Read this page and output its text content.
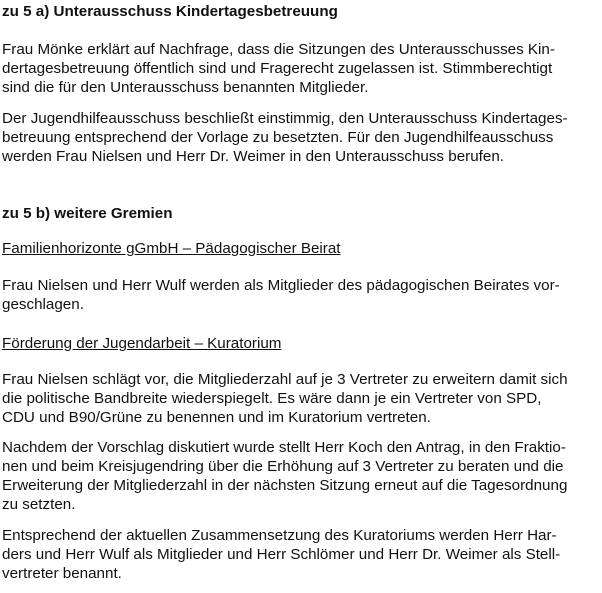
zu 5 a) Unterausschuss Kindertagesbetreuung
Frau Mönke erklärt auf Nachfrage, dass die Sitzungen des Unterausschusses Kin-
dertagesbetreuung öffentlich sind und Fragerecht zugelassen ist. Stimmberechtigt
sind die für den Unterausschuss benannten Mitglieder.
Der Jugendhilfeausschuss beschließt einstimmig, den Unterausschuss Kindertages-
betreuung entsprechend der Vorlage zu besetzten. Für den Jugendhilfeausschuss
werden Frau Nielsen und Herr Dr. Weimer in den Unterausschuss berufen.
zu 5 b) weitere Gremien
Familienhorizonte gGmbH – Pädagogischer Beirat
Frau Nielsen und Herr Wulf werden als Mitglieder des pädagogischen Beirates vor-
geschlagen.
Förderung der Jugendarbeit – Kuratorium
Frau Nielsen schlägt vor, die Mitgliederzahl auf je 3 Vertreter zu erweitern damit sich
die politische Bandbreite wiederspiegelt. Es wäre dann je ein Vertreter von SPD,
CDU und B90/Grüne zu benennen und im Kuratorium vertreten.
Nachdem der Vorschlag diskutiert wurde stellt Herr Koch den Antrag, in den Fraktio-
nen und beim Kreisjugendring über die Erhöhung auf 3 Vertreter zu beraten und die
Erweiterung der Mitgliederzahl in der nächsten Sitzung erneut auf die Tagesordnung
zu setzten.
Entsprechend der aktuellen Zusammensetzung des Kuratoriums werden Herr Har-
ders und Herr Wulf als Mitglieder und Herr Schlömer und Herr Dr. Weimer als Stell-
vertreter benannt.
